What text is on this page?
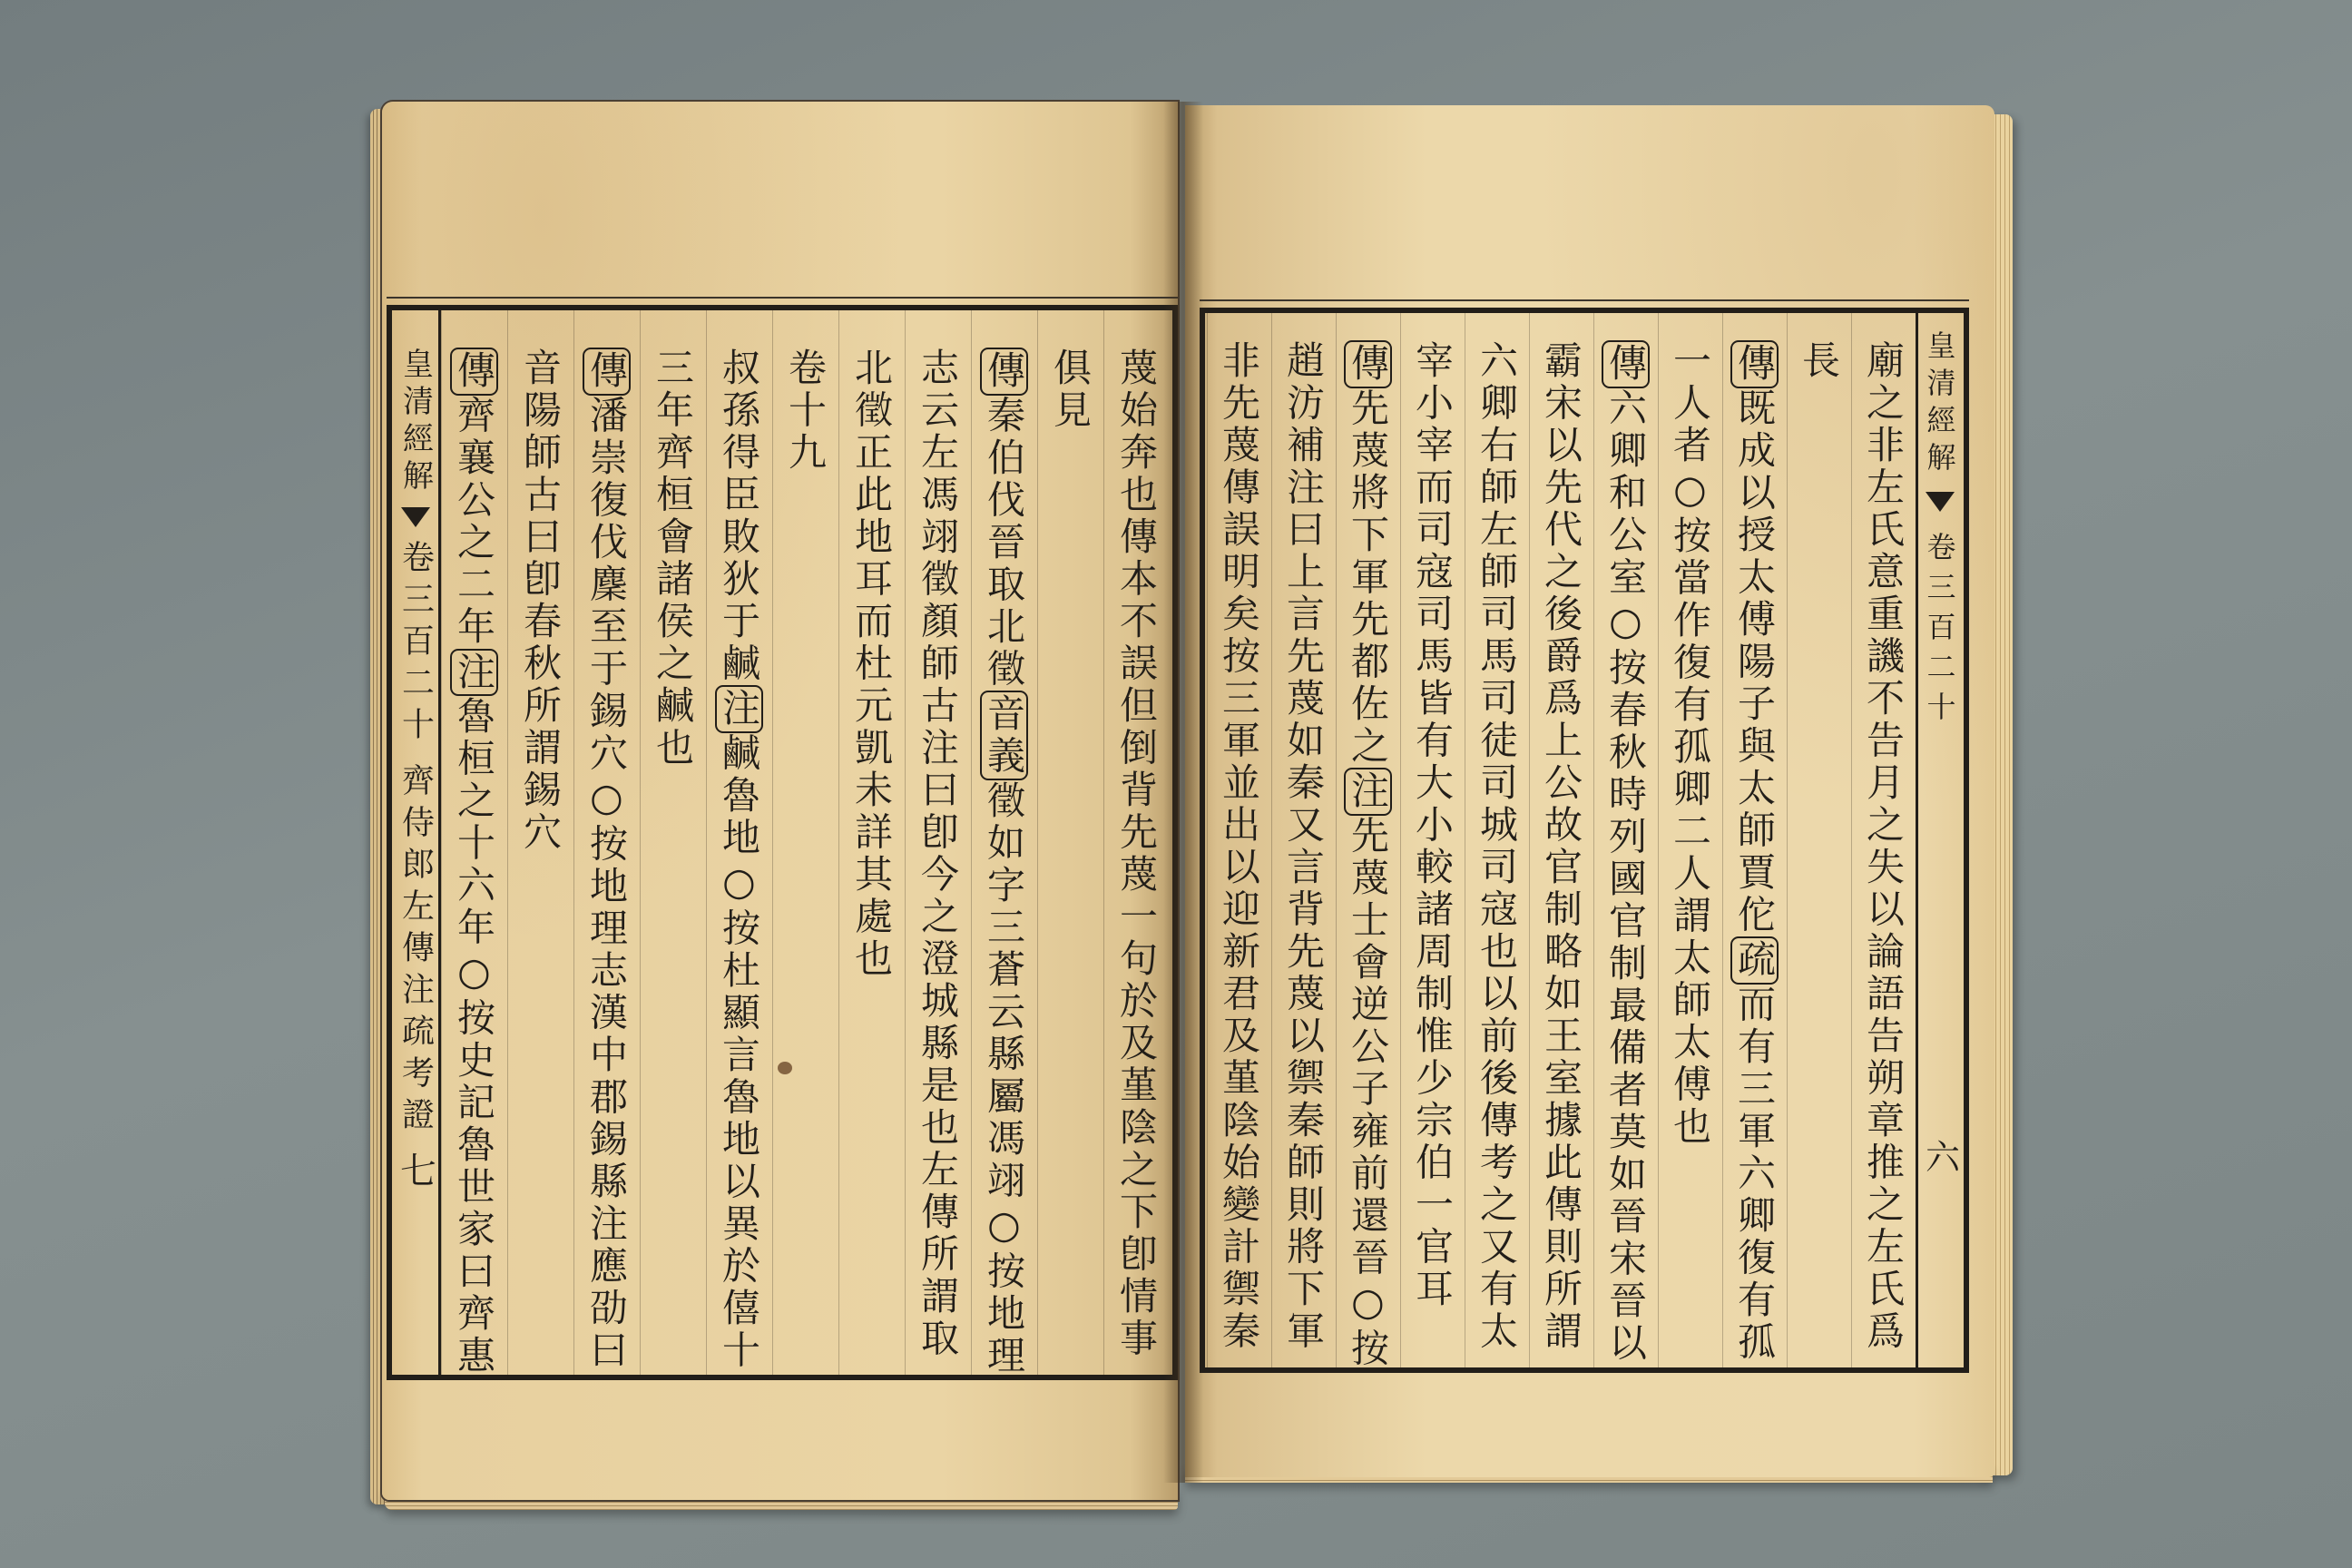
皇清經解
卷三百二十
齊侍郎左傳注疏考證
七	蔑始奔也傳本不誤但倒背先蔑一句於及堇陰之下卽情事
俱見
傳秦伯伐晉取北徵音義徵如字三蒼云縣屬馮翊○按地理
志云左馮翊徵顏師古注曰卽今之澄城縣是也左傳所謂取
北徵正此地耳而杜元凱未詳其處也
卷十九
叔孫得臣敗狄于鹹注鹹魯地○按杜顯言魯地以異於僖十
三年齊桓會諸侯之鹹也
傳潘崇復伐麇至于錫穴○按地理志漢中郡錫縣注應劭曰
音陽師古曰卽春秋所謂錫穴
傳齊襄公之二年注魯桓之十六年○按史記魯世家曰齊惠	廟之非左氏意重譏不告月之失以論語告朔章推之左氏爲
長
傳既成以授太傅陽子與太師賈佗疏而有三軍六卿復有孤
一人者○按當作復有孤卿二人謂太師太傅也
傳六卿和公室○按春秋時列國官制最備者莫如晉宋晉以
霸宋以先代之後爵爲上公故官制略如王室據此傳則所謂
六卿右師左師司馬司徒司城司寇也以前後傳考之又有太
宰小宰而司寇司馬皆有大小較諸周制惟少宗伯一官耳
傳先蔑將下軍先都佐之注先蔑士會逆公子雍前還晉○按
趙汸補注曰上言先蔑如秦又言背先蔑以禦秦師則將下軍
非先蔑傳誤明矣按三軍並出以迎新君及堇陰始變計禦秦	皇清經解
卷三百二十
六
